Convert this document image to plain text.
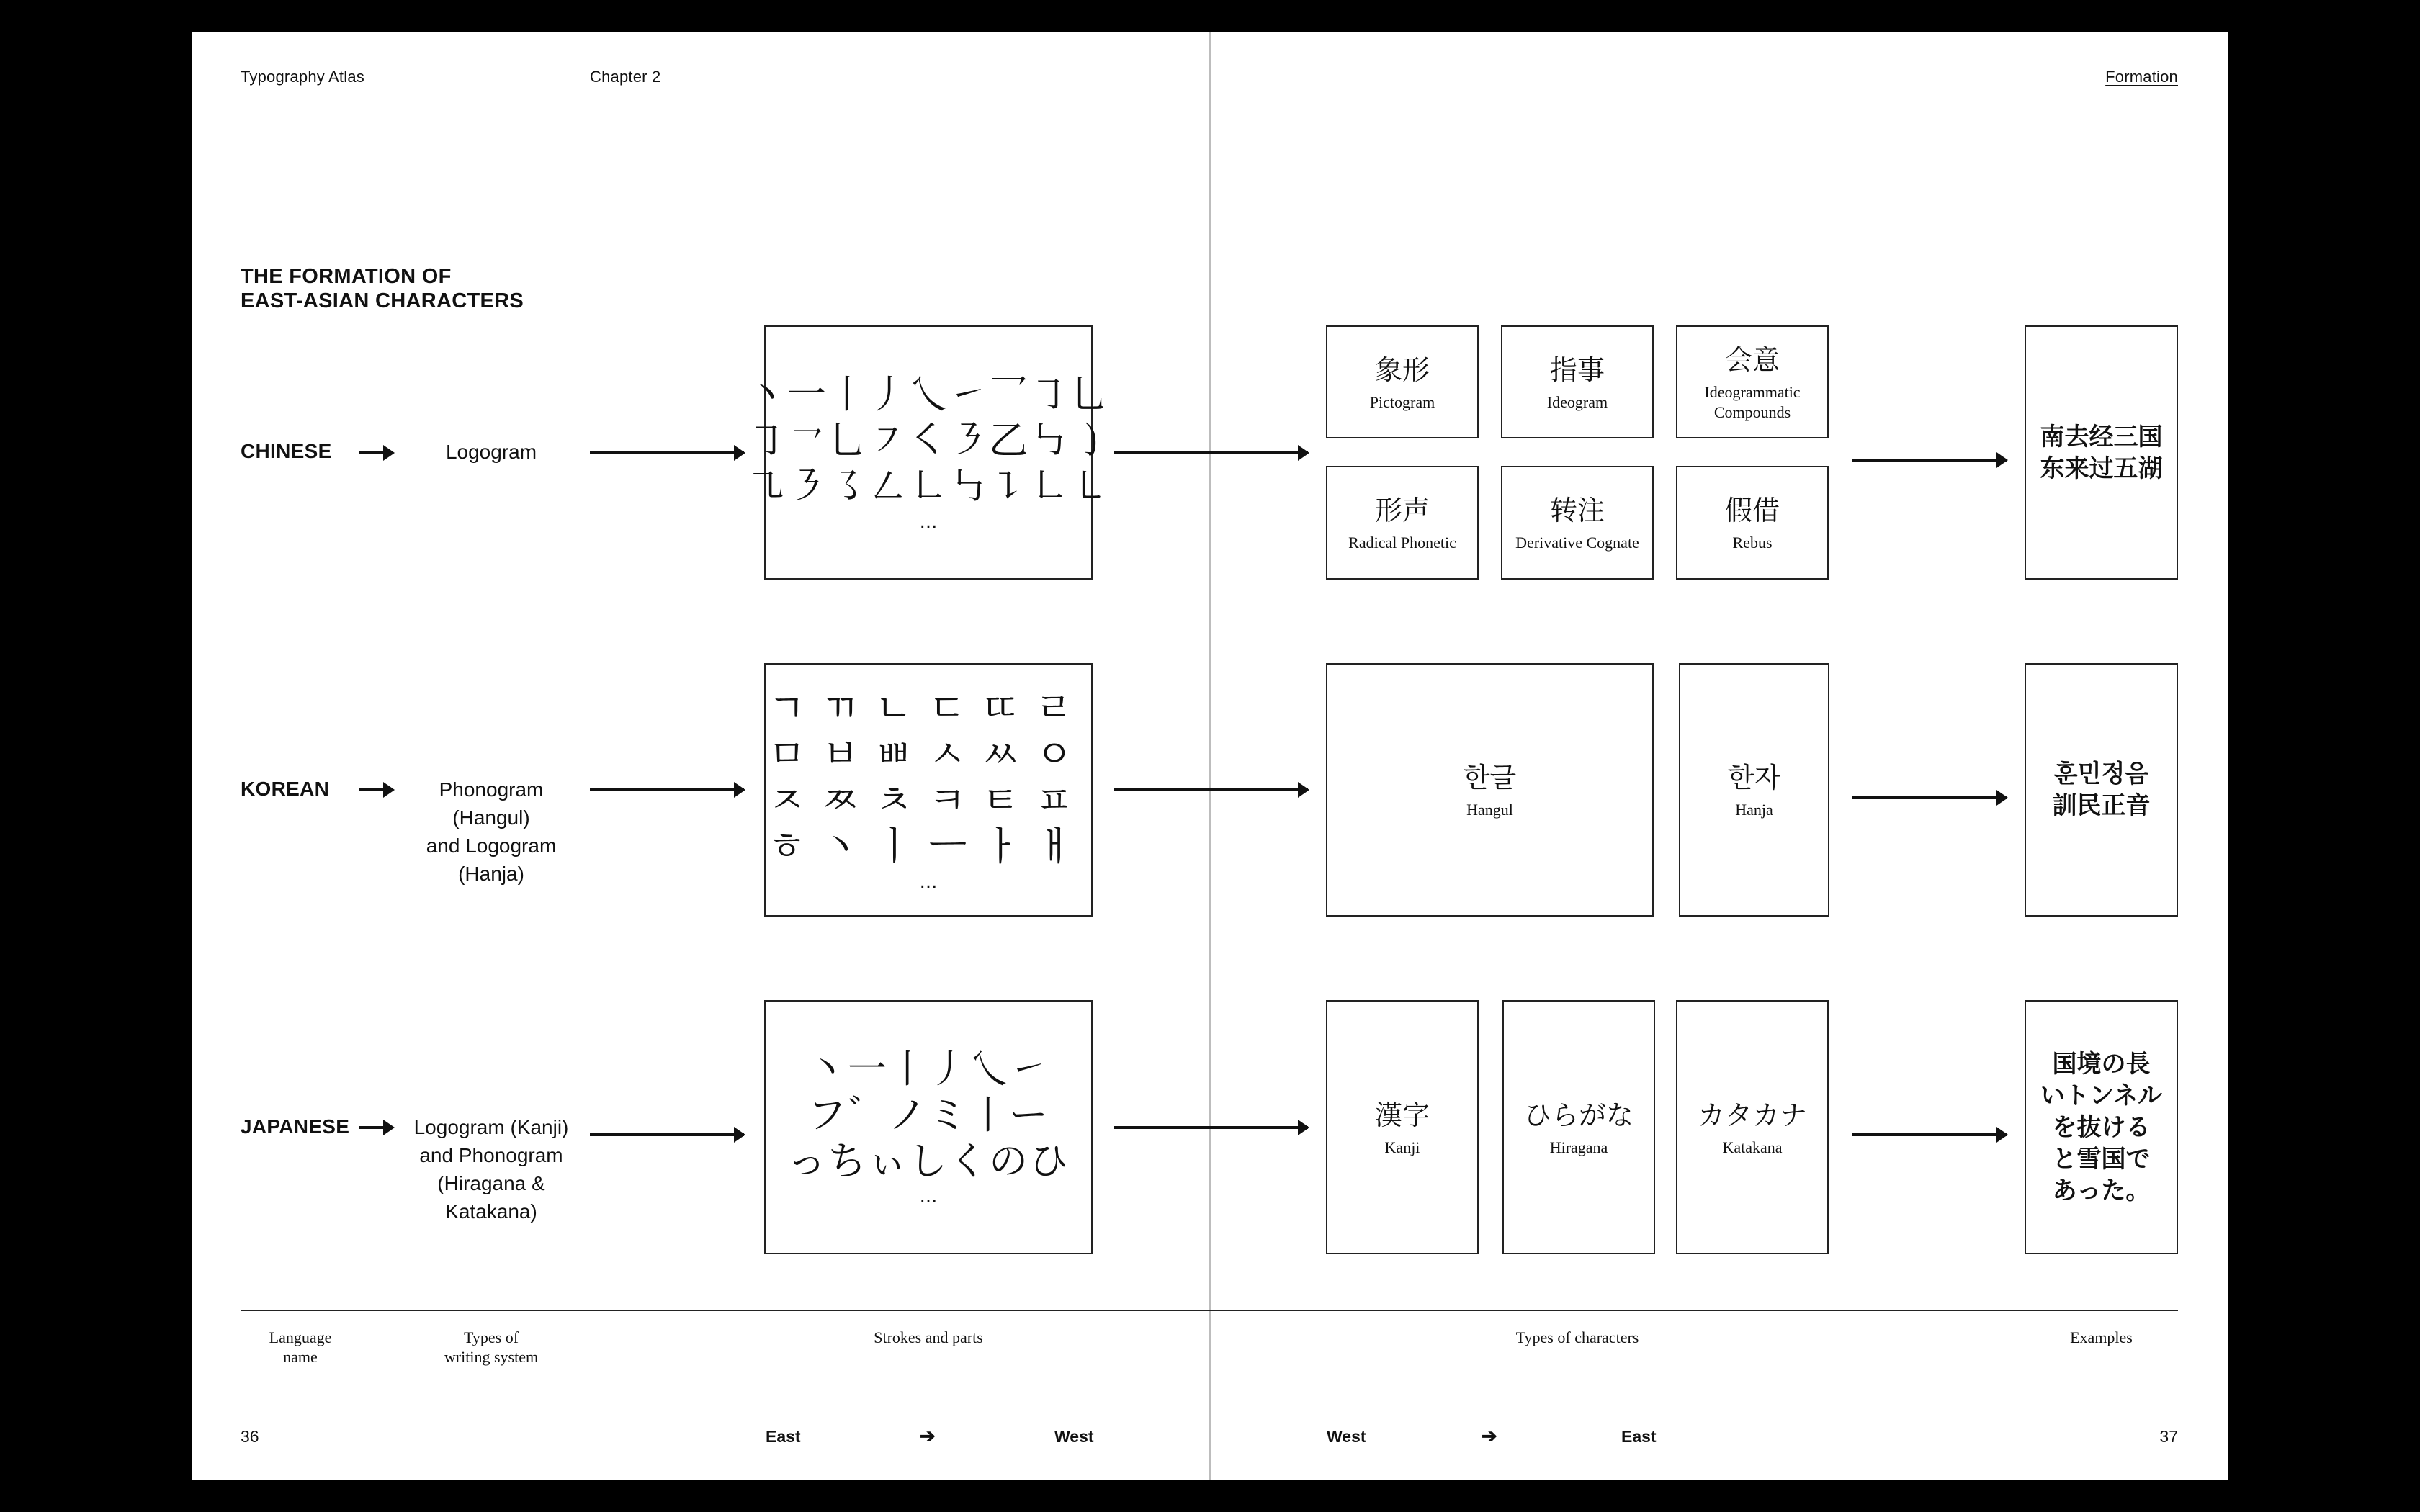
Typography Atlas	Chapter 2	Formation
THE FORMATION OF
EAST-ASIAN CHARACTERS
CHINESE	Logogram
丶一丨丿乀㇀乛㇆乚
㇆㇖乚㇇㇛㇋乙㇉㇁
㇈㇋㇌㇜㇗㇉㇊㇗㇄
...
象形
Pictogram
指事
Ideogram
会意
Ideogrammatic
Compounds
形声
Radical Phonetic
转注
Derivative Cognate
假借
Rebus
南去经三国
东来过五湖
KOREAN	Phonogram
(Hangul)
and Logogram
(Hanja)
ㄱㄲㄴㄷㄸㄹ
ㅁㅂㅃㅅㅆㅇ
ㅈㅉㅊㅋㅌㅍ
ㅎ丶ㅣㅡㅏㅐ
...
한글
Hangul
한자
Hanja
훈민정음
訓民正音
JAPANESE	Logogram (Kanji)
and Phonogram
(Hiragana &
Katakana)
丶一丨丿乀㇀
フ゛ノミ丨ー
っちぃしくのひ
...
漢字
Kanji
ひらがな
Hiragana
カタカナ
Katakana
国境の長
いトンネル
を抜ける
と雪国で
あった。
Language
name
Types of
writing system
Strokes and parts	Types of characters	Examples
36	East	➔	West	West	➔	East	37
